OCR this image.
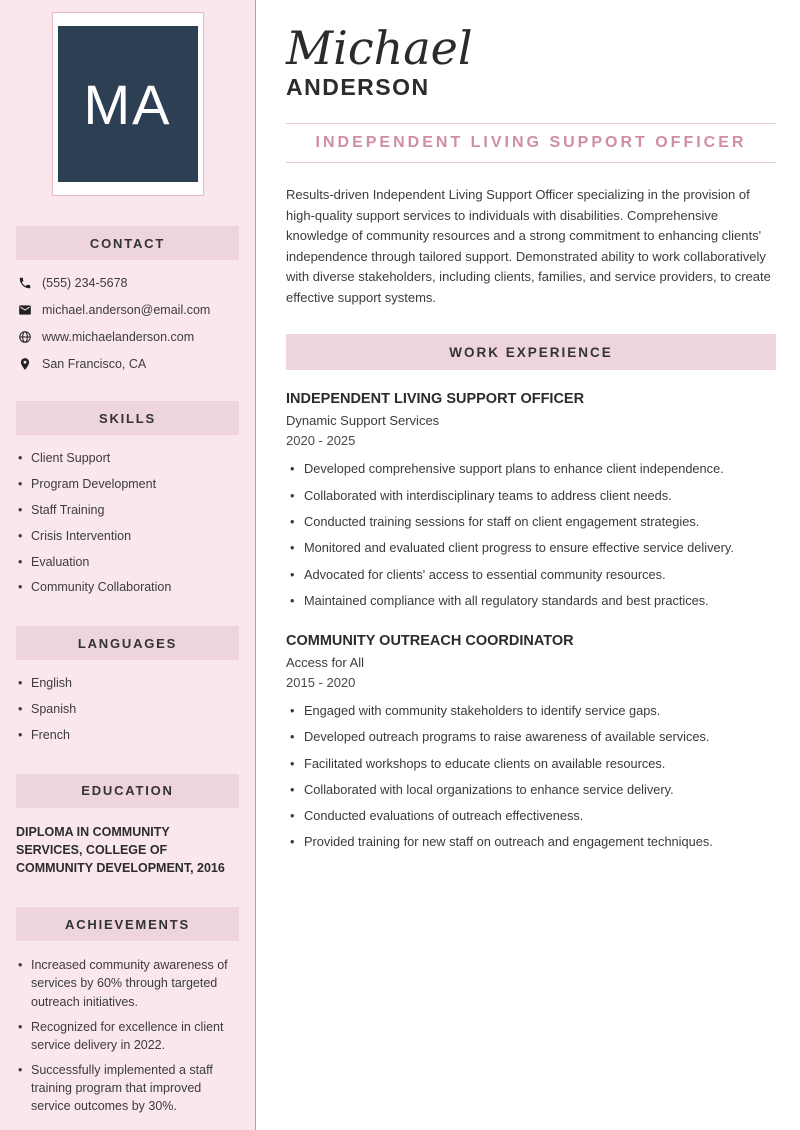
MA
CONTACT
(555) 234-5678
michael.anderson@email.com
www.michaelanderson.com
San Francisco, CA
SKILLS
• Client Support
• Program Development
• Staff Training
• Crisis Intervention
• Evaluation
• Community Collaboration
LANGUAGES
• English
• Spanish
• French
EDUCATION
DIPLOMA IN COMMUNITY SERVICES, COLLEGE OF COMMUNITY DEVELOPMENT, 2016
ACHIEVEMENTS
• Increased community awareness of services by 60% through targeted outreach initiatives.
• Recognized for excellence in client service delivery in 2022.
• Successfully implemented a staff training program that improved service outcomes by 30%.
Michael
ANDERSON
INDEPENDENT LIVING SUPPORT OFFICER

Results-driven Independent Living Support Officer specializing in the provision of high-quality support services to individuals with disabilities. Comprehensive knowledge of community resources and a strong commitment to enhancing clients' independence through tailored support. Demonstrated ability to work collaboratively with diverse stakeholders, including clients, families, and service providers, to create effective support systems.

WORK EXPERIENCE
INDEPENDENT LIVING SUPPORT OFFICER
Dynamic Support Services
2020 - 2025
• Developed comprehensive support plans to enhance client independence.
• Collaborated with interdisciplinary teams to address client needs.
• Conducted training sessions for staff on client engagement strategies.
• Monitored and evaluated client progress to ensure effective service delivery.
• Advocated for clients' access to essential community resources.
• Maintained compliance with all regulatory standards and best practices.
COMMUNITY OUTREACH COORDINATOR
Access for All
2015 - 2020
• Engaged with community stakeholders to identify service gaps.
• Developed outreach programs to raise awareness of available services.
• Facilitated workshops to educate clients on available resources.
• Collaborated with local organizations to enhance service delivery.
• Conducted evaluations of outreach effectiveness.
• Provided training for new staff on outreach and engagement techniques.
